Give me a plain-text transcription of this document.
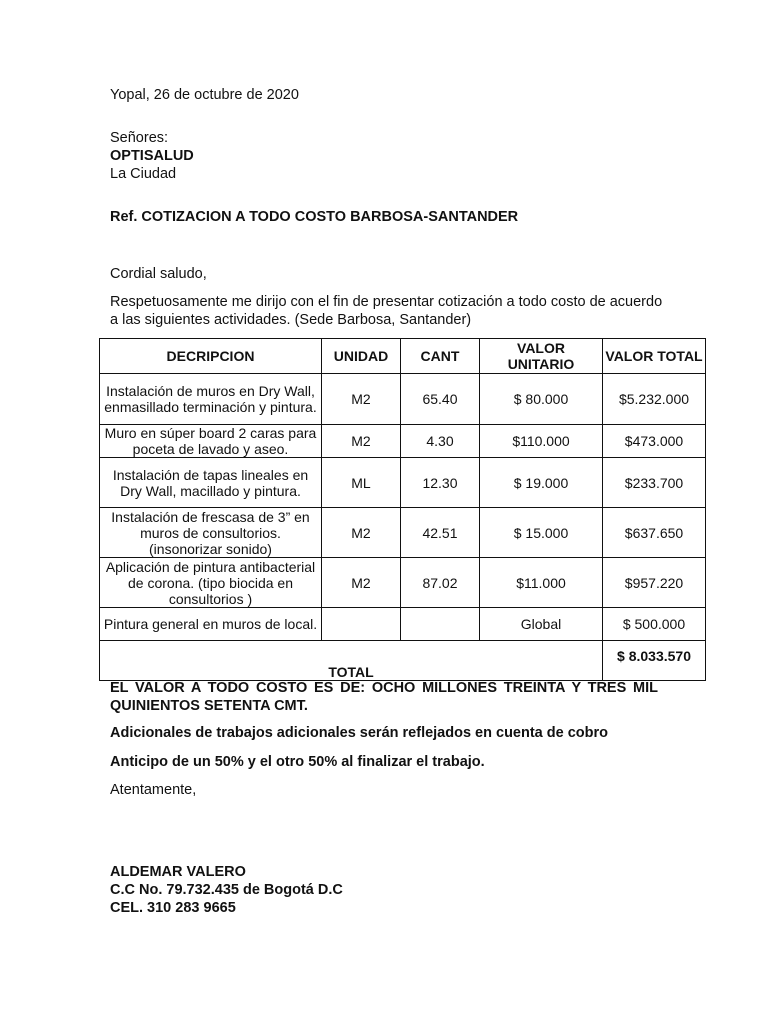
Yopal, 26 de octubre de 2020
Señores:
OPTISALUD
La Ciudad
Ref. COTIZACION A TODO COSTO BARBOSA-SANTANDER
Cordial saludo,
Respetuosamente me dirijo con el fin de presentar cotización a todo costo de acuerdo a las siguientes actividades. (Sede Barbosa, Santander)
DECRIPCION	UNIDAD	CANT	VALOR UNITARIO	VALOR TOTAL
Instalación de muros en Dry Wall, enmasillado terminación y pintura.	M2	65.40	$ 80.000	$5.232.000
Muro en súper board 2 caras para poceta de lavado y aseo.	M2	4.30	$110.000	$473.000
Instalación de tapas lineales en Dry Wall, macillado y pintura.	ML	12.30	$ 19.000	$233.700
Instalación de frescasa de 3” en muros de consultorios. (insonorizar sonido)	M2	42.51	$ 15.000	$637.650
Aplicación de pintura antibacterial de corona. (tipo biocida en consultorios )	M2	87.02	$11.000	$957.220
Pintura general en muros de local.			Global	$ 500.000
TOTAL				$ 8.033.570
EL VALOR A TODO COSTO ES DE: OCHO MILLONES TREINTA Y TRES MIL QUINIENTOS SETENTA CMT.
Adicionales de trabajos adicionales serán reflejados en cuenta de cobro
Anticipo de un 50% y el otro 50% al finalizar el trabajo.
Atentamente,
ALDEMAR VALERO
C.C No. 79.732.435 de Bogotá D.C
CEL. 310 283 9665
